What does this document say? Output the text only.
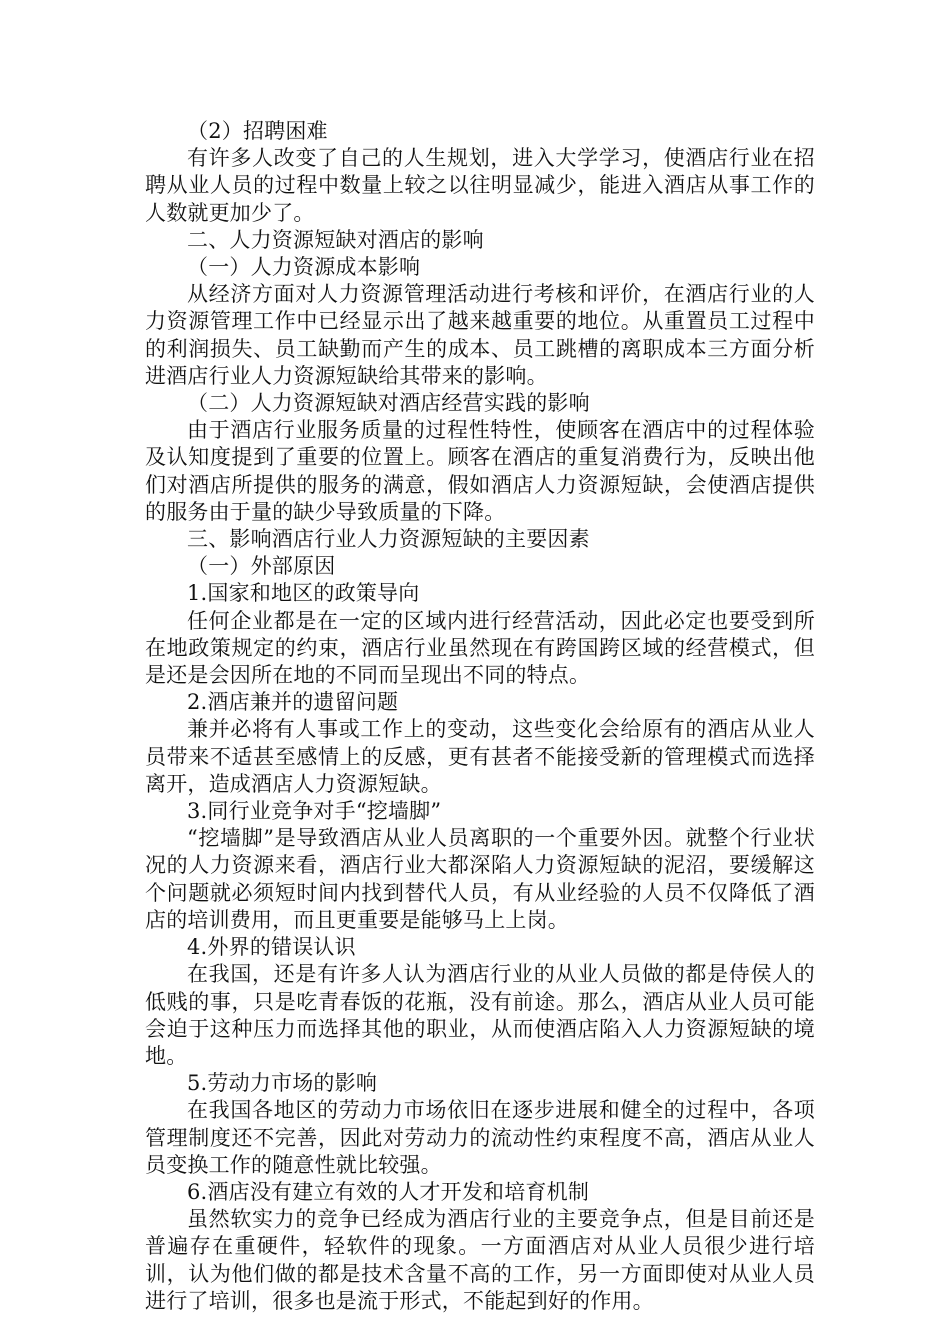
（2）招聘困难

有许多人改变了自己的人生规划，进入大学学习，使酒店行业在招聘从业人员的过程中数量上较之以往明显减少，能进入酒店从事工作的人数就更加少了。

二、人力资源短缺对酒店的影响

（一）人力资源成本影响

从经济方面对人力资源管理活动进行考核和评价，在酒店行业的人力资源管理工作中已经显示出了越来越重要的地位。从重置员工过程中的利润损失、员工缺勤而产生的成本、员工跳槽的离职成本三方面分析进酒店行业人力资源短缺给其带来的影响。

（二）人力资源短缺对酒店经营实践的影响

由于酒店行业服务质量的过程性特性，使顾客在酒店中的过程体验及认知度提到了重要的位置上。顾客在酒店的重复消费行为，反映出他们对酒店所提供的服务的满意，假如酒店人力资源短缺，会使酒店提供的服务由于量的缺少导致质量的下降。

三、影响酒店行业人力资源短缺的主要因素

（一）外部原因

1.国家和地区的政策导向

任何企业都是在一定的区域内进行经营活动，因此必定也要受到所在地政策规定的约束，酒店行业虽然现在有跨国跨区域的经营模式，但是还是会因所在地的不同而呈现出不同的特点。

2.酒店兼并的遗留问题

兼并必将有人事或工作上的变动，这些变化会给原有的酒店从业人员带来不适甚至感情上的反感，更有甚者不能接受新的管理模式而选择离开，造成酒店人力资源短缺。

3.同行业竞争对手“挖墙脚”

“挖墙脚”是导致酒店从业人员离职的一个重要外因。就整个行业状况的人力资源来看，酒店行业大都深陷人力资源短缺的泥沼，要缓解这个问题就必须短时间内找到替代人员，有从业经验的人员不仅降低了酒店的培训费用，而且更重要是能够马上上岗。

4.外界的错误认识

在我国，还是有许多人认为酒店行业的从业人员做的都是侍侯人的低贱的事，只是吃青春饭的花瓶，没有前途。那么，酒店从业人员可能会迫于这种压力而选择其他的职业，从而使酒店陷入人力资源短缺的境地。

5.劳动力市场的影响

在我国各地区的劳动力市场依旧在逐步进展和健全的过程中，各项管理制度还不完善，因此对劳动力的流动性约束程度不高，酒店从业人员变换工作的随意性就比较强。

6.酒店没有建立有效的人才开发和培育机制

虽然软实力的竞争已经成为酒店行业的主要竞争点，但是目前还是普遍存在重硬件，轻软件的现象。一方面酒店对从业人员很少进行培训，认为他们做的都是技术含量不高的工作，另一方面即使对从业人员进行了培训，很多也是流于形式，不能起到好的作用。
